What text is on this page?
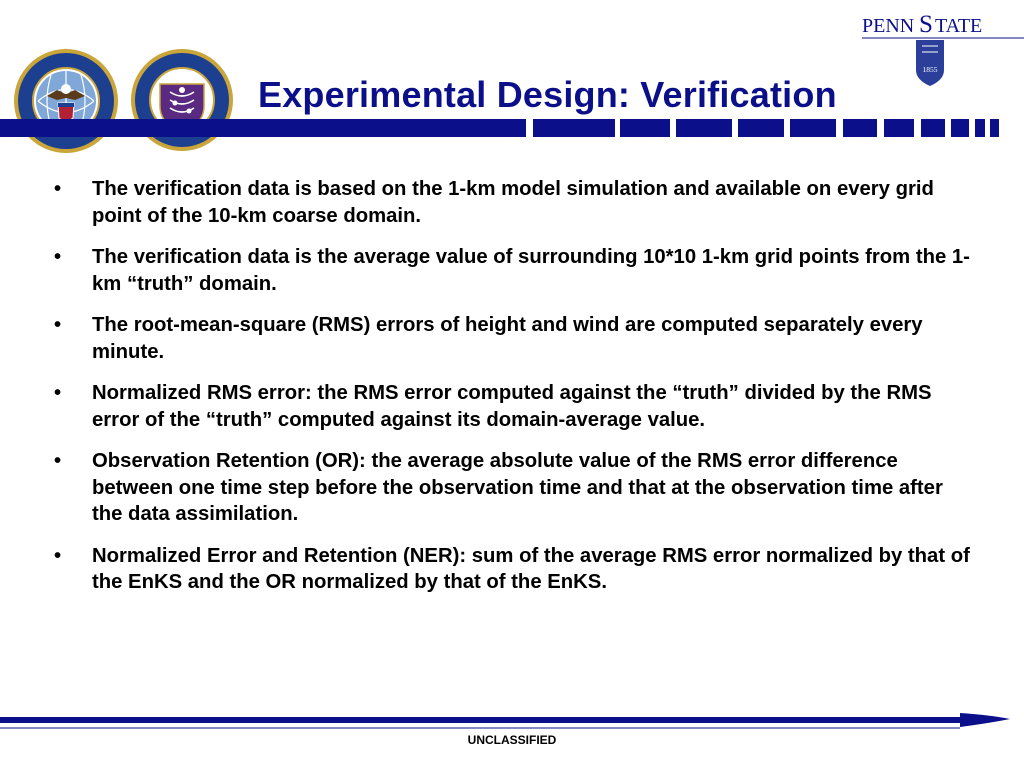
PENN S TATE
1855
Experimental Design: Verification
• The verification data is based on the 1-km model simulation and available on every grid point of the 10-km coarse domain.
• The verification data is the average value of surrounding 10*10 1-km grid points from the 1-km “truth” domain.
• The root-mean-square (RMS) errors of height and wind are computed separately every minute.
• Normalized RMS error: the RMS error computed against the “truth” divided by the RMS error of the “truth” computed against its domain-average value.
• Observation Retention (OR): the average absolute value of the RMS error difference between one time step before the observation time and that at the observation time after the data assimilation.
• Normalized Error and Retention (NER): sum of the average RMS error normalized by that of the EnKS and the OR normalized by that of the EnKS.
UNCLASSIFIED
